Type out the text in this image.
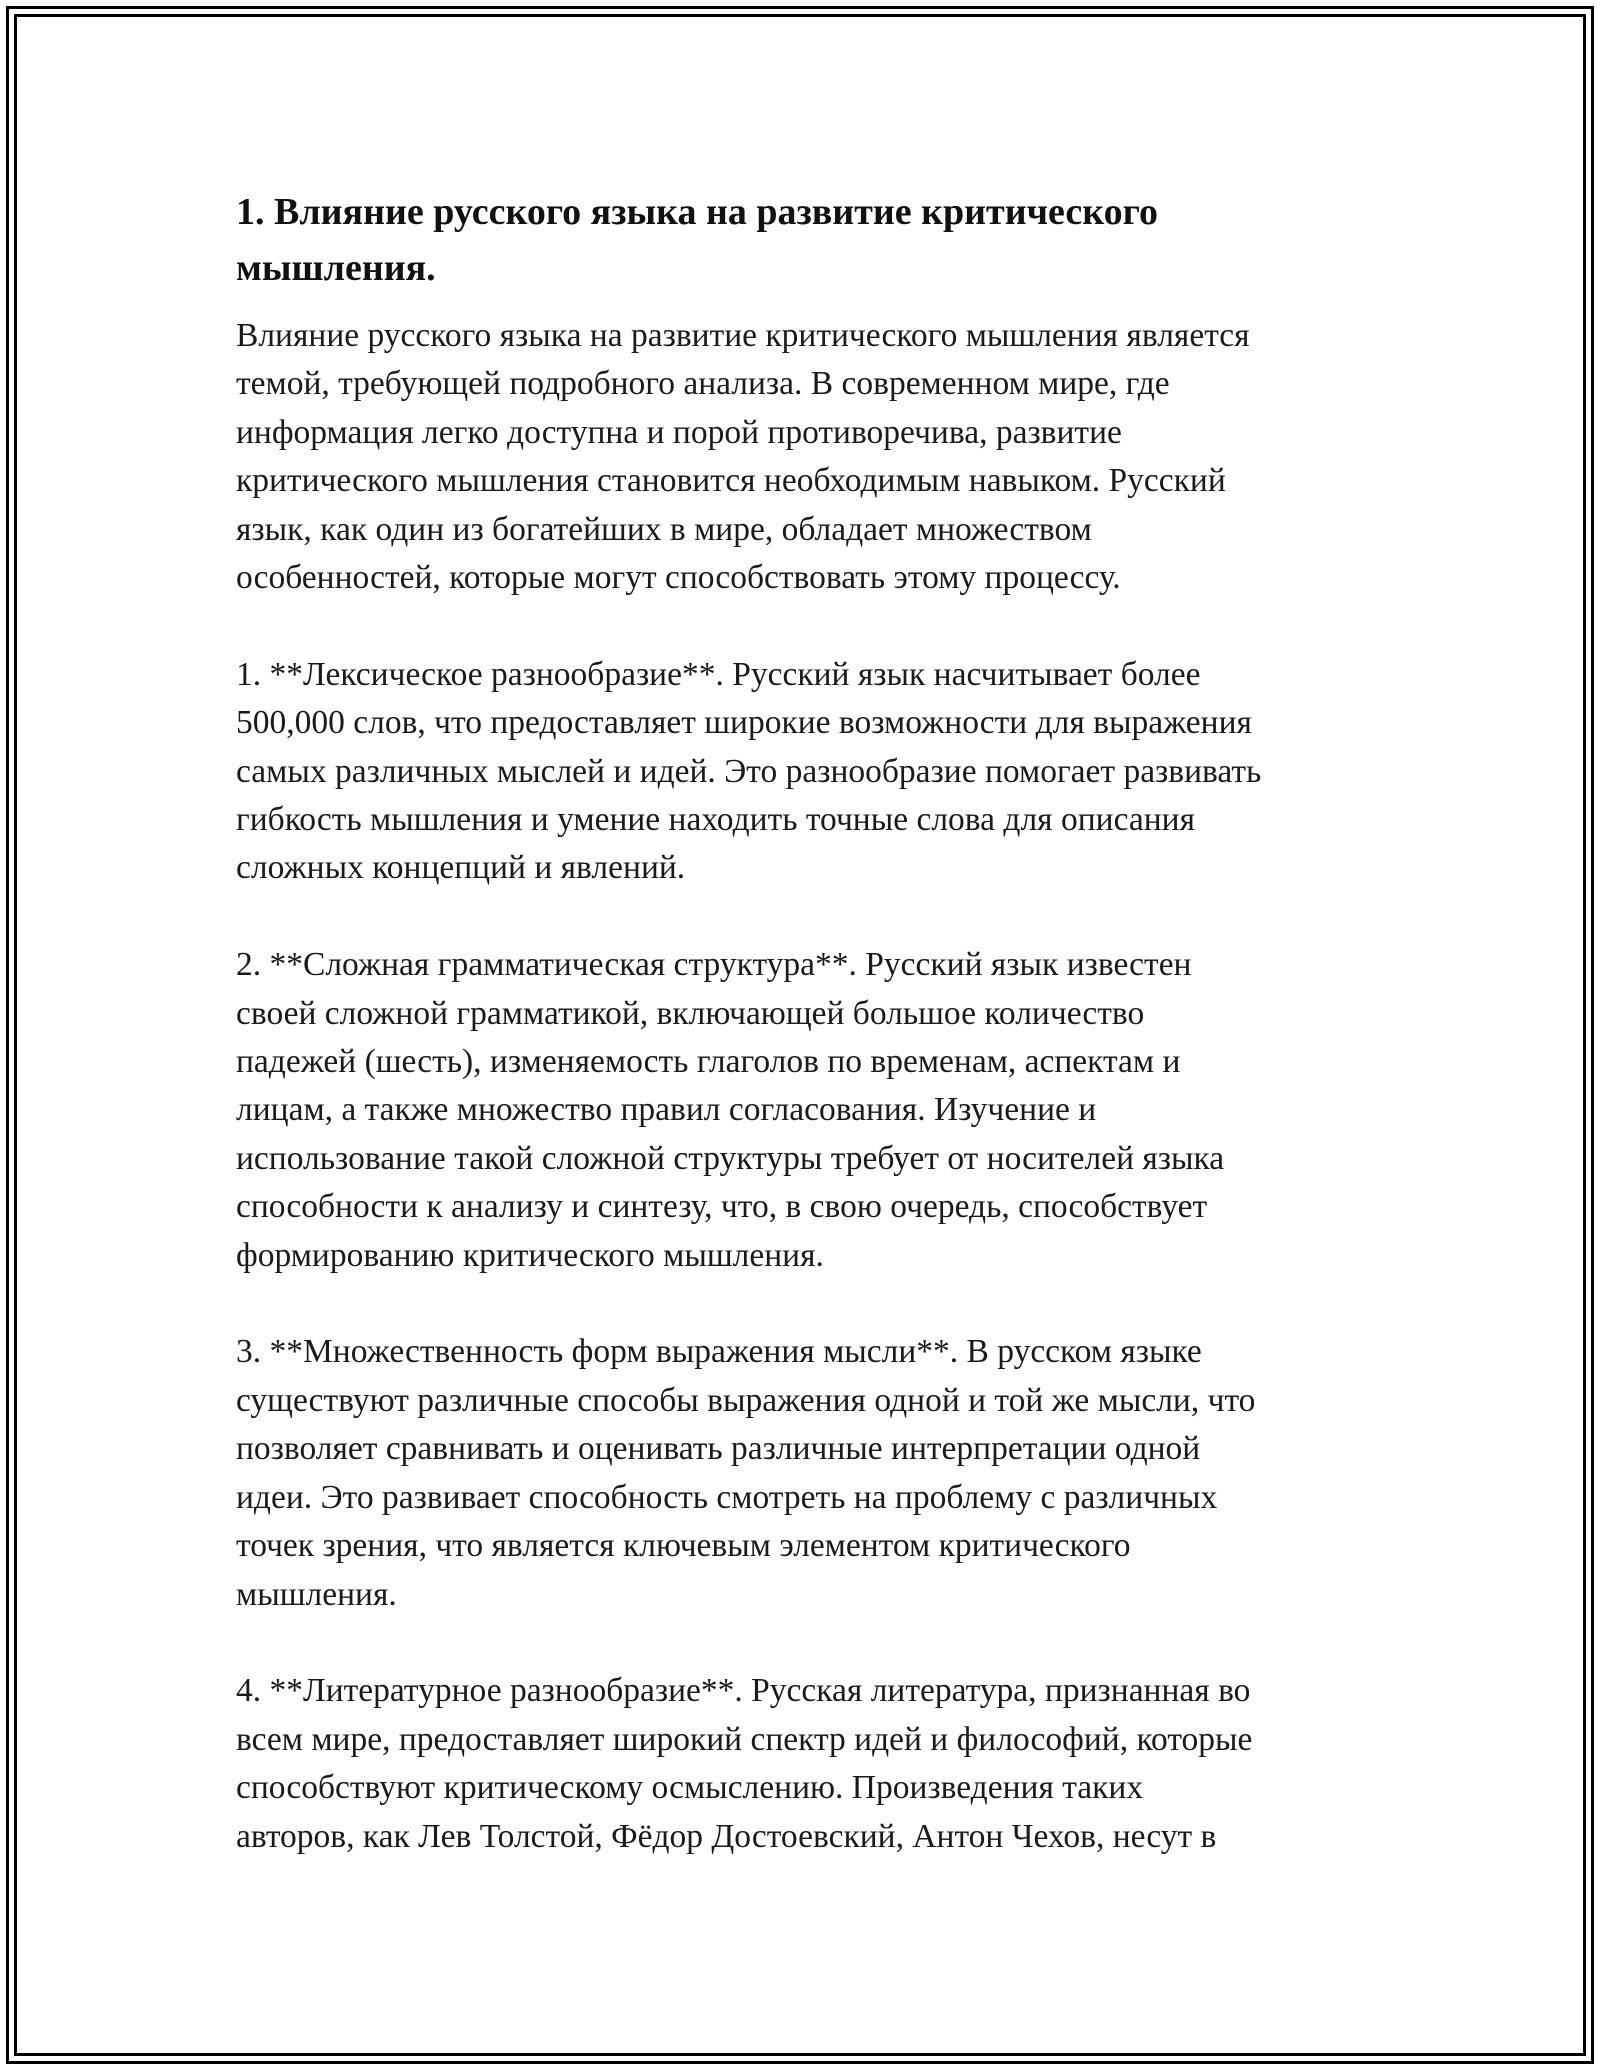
1. Влияние русского языка на развитие критического
мышления.
Влияние русского языка на развитие критического мышления является
темой, требующей подробного анализа. В современном мире, где
информация легко доступна и порой противоречива, развитие
критического мышления становится необходимым навыком. Русский
язык, как один из богатейших в мире, обладает множеством
особенностей, которые могут способствовать этому процессу.
1. **Лексическое разнообразие**. Русский язык насчитывает более
500,000 слов, что предоставляет широкие возможности для выражения
самых различных мыслей и идей. Это разнообразие помогает развивать
гибкость мышления и умение находить точные слова для описания
сложных концепций и явлений.
2. **Сложная грамматическая структура**. Русский язык известен
своей сложной грамматикой, включающей большое количество
падежей (шесть), изменяемость глаголов по временам, аспектам и
лицам, а также множество правил согласования. Изучение и
использование такой сложной структуры требует от носителей языка
способности к анализу и синтезу, что, в свою очередь, способствует
формированию критического мышления.
3. **Множественность форм выражения мысли**. В русском языке
существуют различные способы выражения одной и той же мысли, что
позволяет сравнивать и оценивать различные интерпретации одной
идеи. Это развивает способность смотреть на проблему с различных
точек зрения, что является ключевым элементом критического
мышления.
4. **Литературное разнообразие**. Русская литература, признанная во
всем мире, предоставляет широкий спектр идей и философий, которые
способствуют критическому осмыслению. Произведения таких
авторов, как Лев Толстой, Фёдор Достоевский, Антон Чехов, несут в
